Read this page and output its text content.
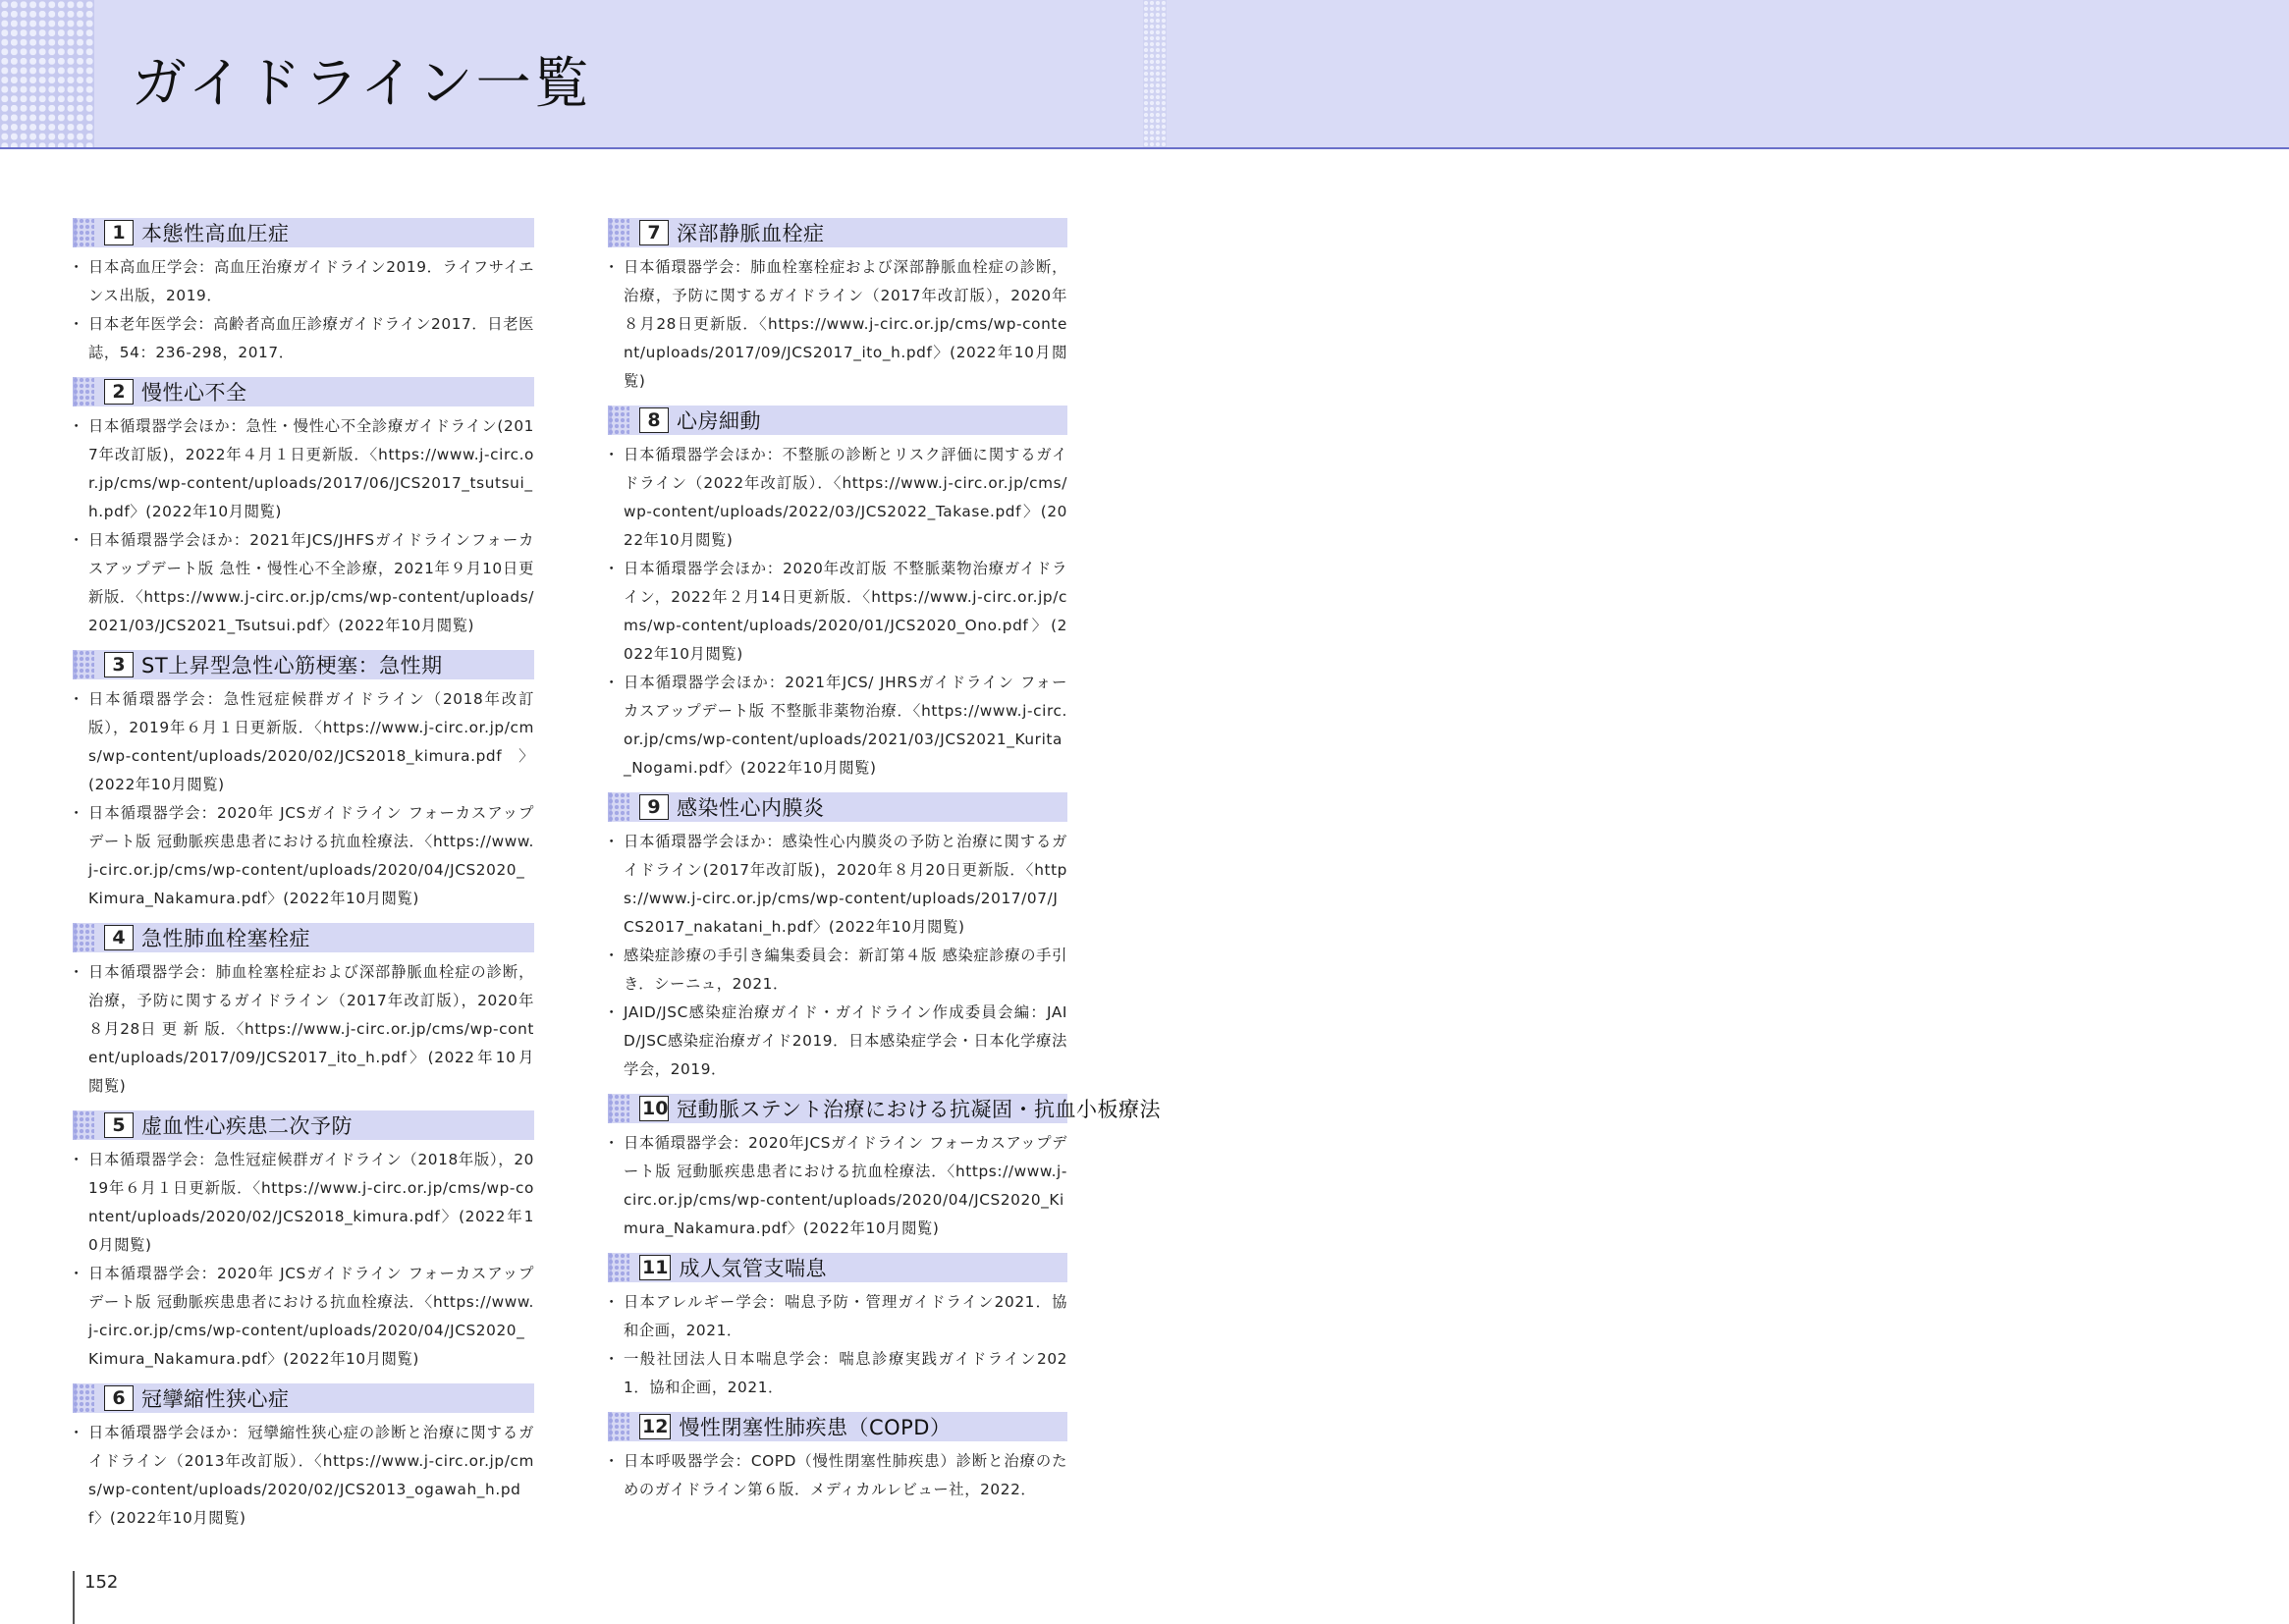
ガイドライン一覧
1 本態性高血圧症
・ 日本高血圧学会：高血圧治療ガイドライン2019．ライフサイエンス出版，2019．
・ 日本老年医学会：高齢者高血圧診療ガイドライン2017．日老医誌，54：236-298，2017．
2 慢性心不全
・ 日本循環器学会ほか：急性・慢性心不全診療ガイドライン(2017年改訂版)，2022年４月１日更新版．〈https://www.j-circ.or.jp/cms/wp-content/uploads/2017/06/JCS2017_tsutsui_h.pdf〉(2022年10月閲覧)
・ 日本循環器学会ほか：2021年JCS/JHFSガイドラインフォーカスアップデート版 急性・慢性心不全診療，2021年９月10日更新版．〈https://www.j-circ.or.jp/cms/wp-content/uploads/2021/03/JCS2021_Tsutsui.pdf〉(2022年10月閲覧)
3 ST上昇型急性心筋梗塞：急性期
・ 日本循環器学会：急性冠症候群ガイドライン（2018年改訂版），2019年６月１日更新版．〈https://www.j-circ.or.jp/cms/wp-content/uploads/2020/02/JCS2018_kimura.pdf〉(2022年10月閲覧)
・ 日本循環器学会：2020年 JCSガイドライン フォーカスアップデート版 冠動脈疾患患者における抗血栓療法．〈https://www.j-circ.or.jp/cms/wp-content/uploads/2020/04/JCS2020_Kimura_Nakamura.pdf〉(2022年10月閲覧)
4 急性肺血栓塞栓症
・ 日本循環器学会：肺血栓塞栓症および深部静脈血栓症の診断，治療，予防に関するガイドライン（2017年改訂版），2020年８月28日 更 新 版．〈https://www.j-circ.or.jp/cms/wp-content/uploads/2017/09/JCS2017_ito_h.pdf〉(2022年10月閲覧)
5 虚血性心疾患二次予防
・ 日本循環器学会：急性冠症候群ガイドライン（2018年版），2019年６月１日更新版．〈https://www.j-circ.or.jp/cms/wp-content/uploads/2020/02/JCS2018_kimura.pdf〉(2022年10月閲覧)
・ 日本循環器学会：2020年 JCSガイドライン フォーカスアップデート版 冠動脈疾患患者における抗血栓療法．〈https://www.j-circ.or.jp/cms/wp-content/uploads/2020/04/JCS2020_Kimura_Nakamura.pdf〉(2022年10月閲覧)
6 冠攣縮性狭心症
・ 日本循環器学会ほか：冠攣縮性狭心症の診断と治療に関するガイドライン（2013年改訂版）．〈https://www.j-circ.or.jp/cms/wp-content/uploads/2020/02/JCS2013_ogawah_h.pdf〉(2022年10月閲覧)
7 深部静脈血栓症
・ 日本循環器学会：肺血栓塞栓症および深部静脈血栓症の診断，治療，予防に関するガイドライン（2017年改訂版），2020年８月28日更新版．〈https://www.j-circ.or.jp/cms/wp-content/uploads/2017/09/JCS2017_ito_h.pdf〉(2022年10月閲覧)
8 心房細動
・ 日本循環器学会ほか：不整脈の診断とリスク評価に関するガイドライン（2022年改訂版）．〈https://www.j-circ.or.jp/cms/wp-content/uploads/2022/03/JCS2022_Takase.pdf〉(2022年10月閲覧)
・ 日本循環器学会ほか：2020年改訂版 不整脈薬物治療ガイドライン，2022年２月14日更新版．〈https://www.j-circ.or.jp/cms/wp-content/uploads/2020/01/JCS2020_Ono.pdf〉(2022年10月閲覧)
・ 日本循環器学会ほか：2021年JCS/ JHRSガイドライン フォーカスアップデート版 不整脈非薬物治療．〈https://www.j-circ.or.jp/cms/wp-content/uploads/2021/03/JCS2021_Kurita_Nogami.pdf〉(2022年10月閲覧)
9 感染性心内膜炎
・ 日本循環器学会ほか：感染性心内膜炎の予防と治療に関するガイドライン(2017年改訂版)，2020年８月20日更新版．〈https://www.j-circ.or.jp/cms/wp-content/uploads/2017/07/JCS2017_nakatani_h.pdf〉(2022年10月閲覧)
・ 感染症診療の手引き編集委員会：新訂第４版 感染症診療の手引き．シーニュ，2021．
・ JAID/JSC感染症治療ガイド・ガイドライン作成委員会編：JAID/JSC感染症治療ガイド2019．日本感染症学会・日本化学療法学会，2019．
10 冠動脈ステント治療における抗凝固・抗血小板療法
・ 日本循環器学会：2020年JCSガイドライン フォーカスアップデート版 冠動脈疾患患者における抗血栓療法．〈https://www.j-circ.or.jp/cms/wp-content/uploads/2020/04/JCS2020_Kimura_Nakamura.pdf〉(2022年10月閲覧)
11 成人気管支喘息
・ 日本アレルギー学会：喘息予防・管理ガイドライン2021．協和企画，2021．
・ 一般社団法人日本喘息学会：喘息診療実践ガイドライン2021．協和企画，2021．
12 慢性閉塞性肺疾患（COPD）
・ 日本呼吸器学会：COPD（慢性閉塞性肺疾患）診断と治療のためのガイドライン第６版．メディカルレビュー社，2022．
152
